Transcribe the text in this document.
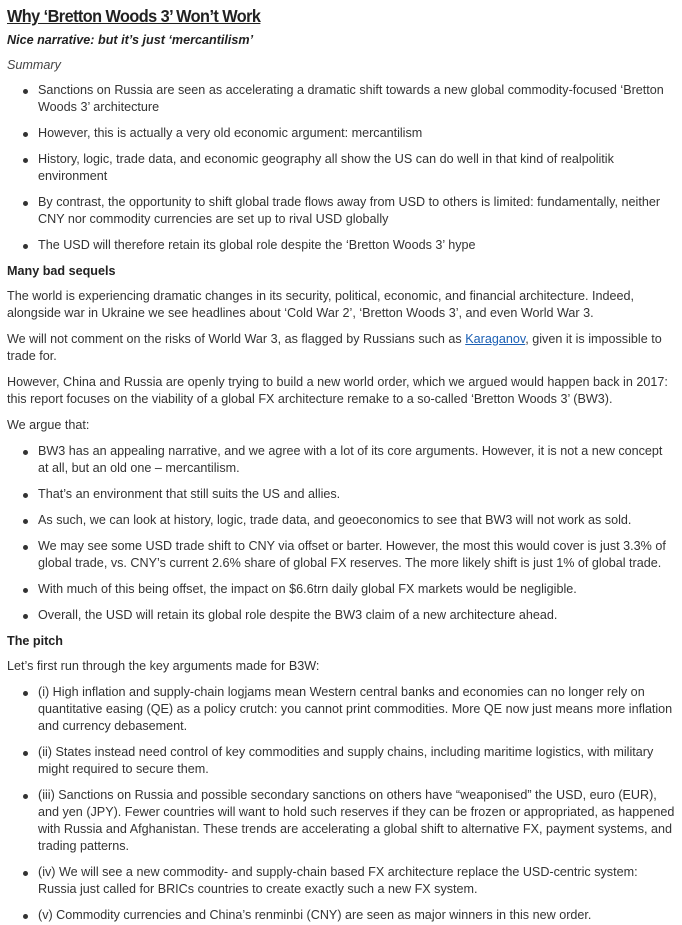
Why ‘Bretton Woods 3’ Won’t Work
Nice narrative: but it’s just ‘mercantilism’
Summary
Sanctions on Russia are seen as accelerating a dramatic shift towards a new global commodity-focused ‘Bretton Woods 3’ architecture
However, this is actually a very old economic argument: mercantilism
History, logic, trade data, and economic geography all show the US can do well in that kind of realpolitik environment
By contrast, the opportunity to shift global trade flows away from USD to others is limited: fundamentally, neither CNY nor commodity currencies are set up to rival USD globally
The USD will therefore retain its global role despite the ‘Bretton Woods 3’ hype
Many bad sequels

The world is experiencing dramatic changes in its security, political, economic, and financial architecture. Indeed, alongside war in Ukraine we see headlines about ‘Cold War 2’, ‘Bretton Woods 3’, and even World War 3.

We will not comment on the risks of World War 3, as flagged by Russians such as Karaganov, given it is impossible to trade for.

However, China and Russia are openly trying to build a new world order, which we argued would happen back in 2017: this report focuses on the viability of a global FX architecture remake to a so-called ‘Bretton Woods 3’ (BW3).

We argue that:

BW3 has an appealing narrative, and we agree with a lot of its core arguments. However, it is not a new concept at all, but an old one – mercantilism.
That’s an environment that still suits the US and allies.
As such, we can look at history, logic, trade data, and geoeconomics to see that BW3 will not work as sold.
We may see some USD trade shift to CNY via offset or barter. However, the most this would cover is just 3.3% of global trade, vs. CNY’s current 2.6% share of global FX reserves. The more likely shift is just 1% of global trade.
With much of this being offset, the impact on $6.6trn daily global FX markets would be negligible.
Overall, the USD will retain its global role despite the BW3 claim of a new architecture ahead.
The pitch

Let’s first run through the key arguments made for B3W:

(i) High inflation and supply-chain logjams mean Western central banks and economies can no longer rely on quantitative easing (QE) as a policy crutch: you cannot print commodities. More QE now just means more inflation and currency debasement.
(ii) States instead need control of key commodities and supply chains, including maritime logistics, with military might required to secure them.
(iii) Sanctions on Russia and possible secondary sanctions on others have “weaponised” the USD, euro (EUR), and yen (JPY). Fewer countries will want to hold such reserves if they can be frozen or appropriated, as happened with Russia and Afghanistan. These trends are accelerating a global shift to alternative FX, payment systems, and trading patterns.
(iv) We will see a new commodity- and supply-chain based FX architecture replace the USD-centric system: Russia just called for BRICs countries to create exactly such a new FX system.
(v) Commodity currencies and China’s renminbi (CNY) are seen as major winners in this new order.
